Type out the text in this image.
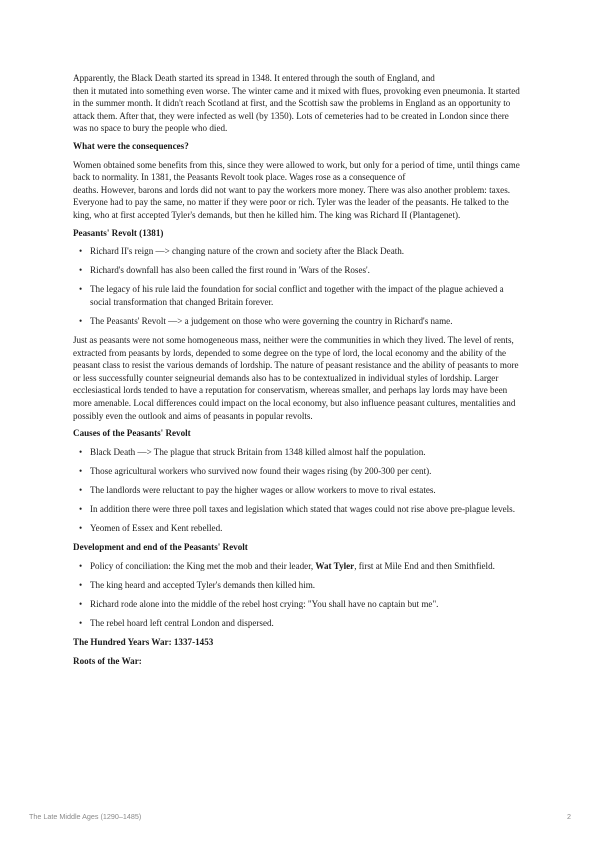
Apparently, the Black Death started its spread in 1348. It entered through the south of England, and
then it mutated into something even worse. The winter came and it mixed with flues, provoking even pneumonia. It started in the summer month. It didn't reach Scotland at first, and the Scottish saw the problems in England as an opportunity to attack them. After that, they were infected as well (by 1350). Lots of cemeteries had to be created in London since there was no space to bury the people who died.

What were the consequences?

Women obtained some benefits from this, since they were allowed to work, but only for a period of time, until things came back to normality. In 1381, the Peasants Revolt took place. Wages rose as a consequence of
deaths. However, barons and lords did not want to pay the workers more money. There was also another problem: taxes. Everyone had to pay the same, no matter if they were poor or rich. Tyler was the leader of the peasants. He talked to the king, who at first accepted Tyler's demands, but then he killed him. The king was Richard II (Plantagenet).

Peasants' Revolt (1381)

• Richard II's reign —> changing nature of the crown and society after the Black Death.
• Richard's downfall has also been called the first round in 'Wars of the Roses'.
• The legacy of his rule laid the foundation for social conflict and together with the impact of the plague achieved a social transformation that changed Britain forever.
• The Peasants' Revolt —> a judgement on those who were governing the country in Richard's name.

Just as peasants were not some homogeneous mass, neither were the communities in which they lived. The level of rents, extracted from peasants by lords, depended to some degree on the type of lord, the local economy and the ability of the peasant class to resist the various demands of lordship. The nature of peasant resistance and the ability of peasants to more or less successfully counter seigneurial demands also has to be contextualized in individual styles of lordship. Larger ecclesiastical lords tended to have a reputation for conservatism, whereas smaller, and perhaps lay lords may have been more amenable. Local differences could impact on the local economy, but also influence peasant cultures, mentalities and possibly even the outlook and aims of peasants in popular revolts.

Causes of the Peasants' Revolt

• Black Death —> The plague that struck Britain from 1348 killed almost half the population.
• Those agricultural workers who survived now found their wages rising (by 200-300 per cent).
• The landlords were reluctant to pay the higher wages or allow workers to move to rival estates.
• In addition there were three poll taxes and legislation which stated that wages could not rise above pre-plague levels.
• Yeomen of Essex and Kent rebelled.

Development and end of the Peasants' Revolt

• Policy of conciliation: the King met the mob and their leader, Wat Tyler, first at Mile End and then Smithfield.
• The king heard and accepted Tyler's demands then killed him.
• Richard rode alone into the middle of the rebel host crying: "You shall have no captain but me".
• The rebel hoard left central London and dispersed.

The Hundred Years War: 1337-1453

Roots of the War:

The Late Middle Ages (1290–1485)	2
